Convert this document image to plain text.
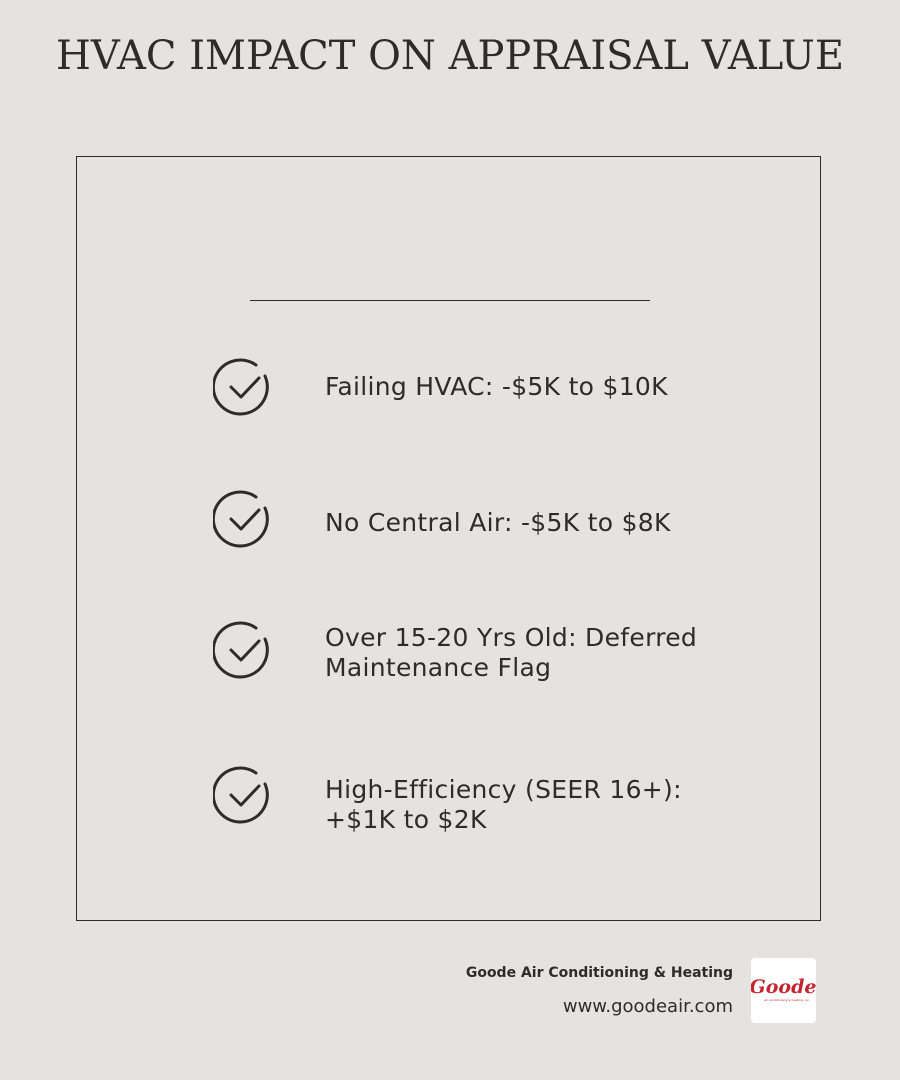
HVAC IMPACT ON APPRAISAL VALUE
Failing HVAC: -$5K to $10K
No Central Air: -$5K to $8K
Over 15-20 Yrs Old: Deferred
Maintenance Flag
High-Efficiency (SEER 16+):
+$1K to $2K
Goode Air Conditioning & Heating
www.goodeair.com
Goode
air conditioning & heating, inc.
